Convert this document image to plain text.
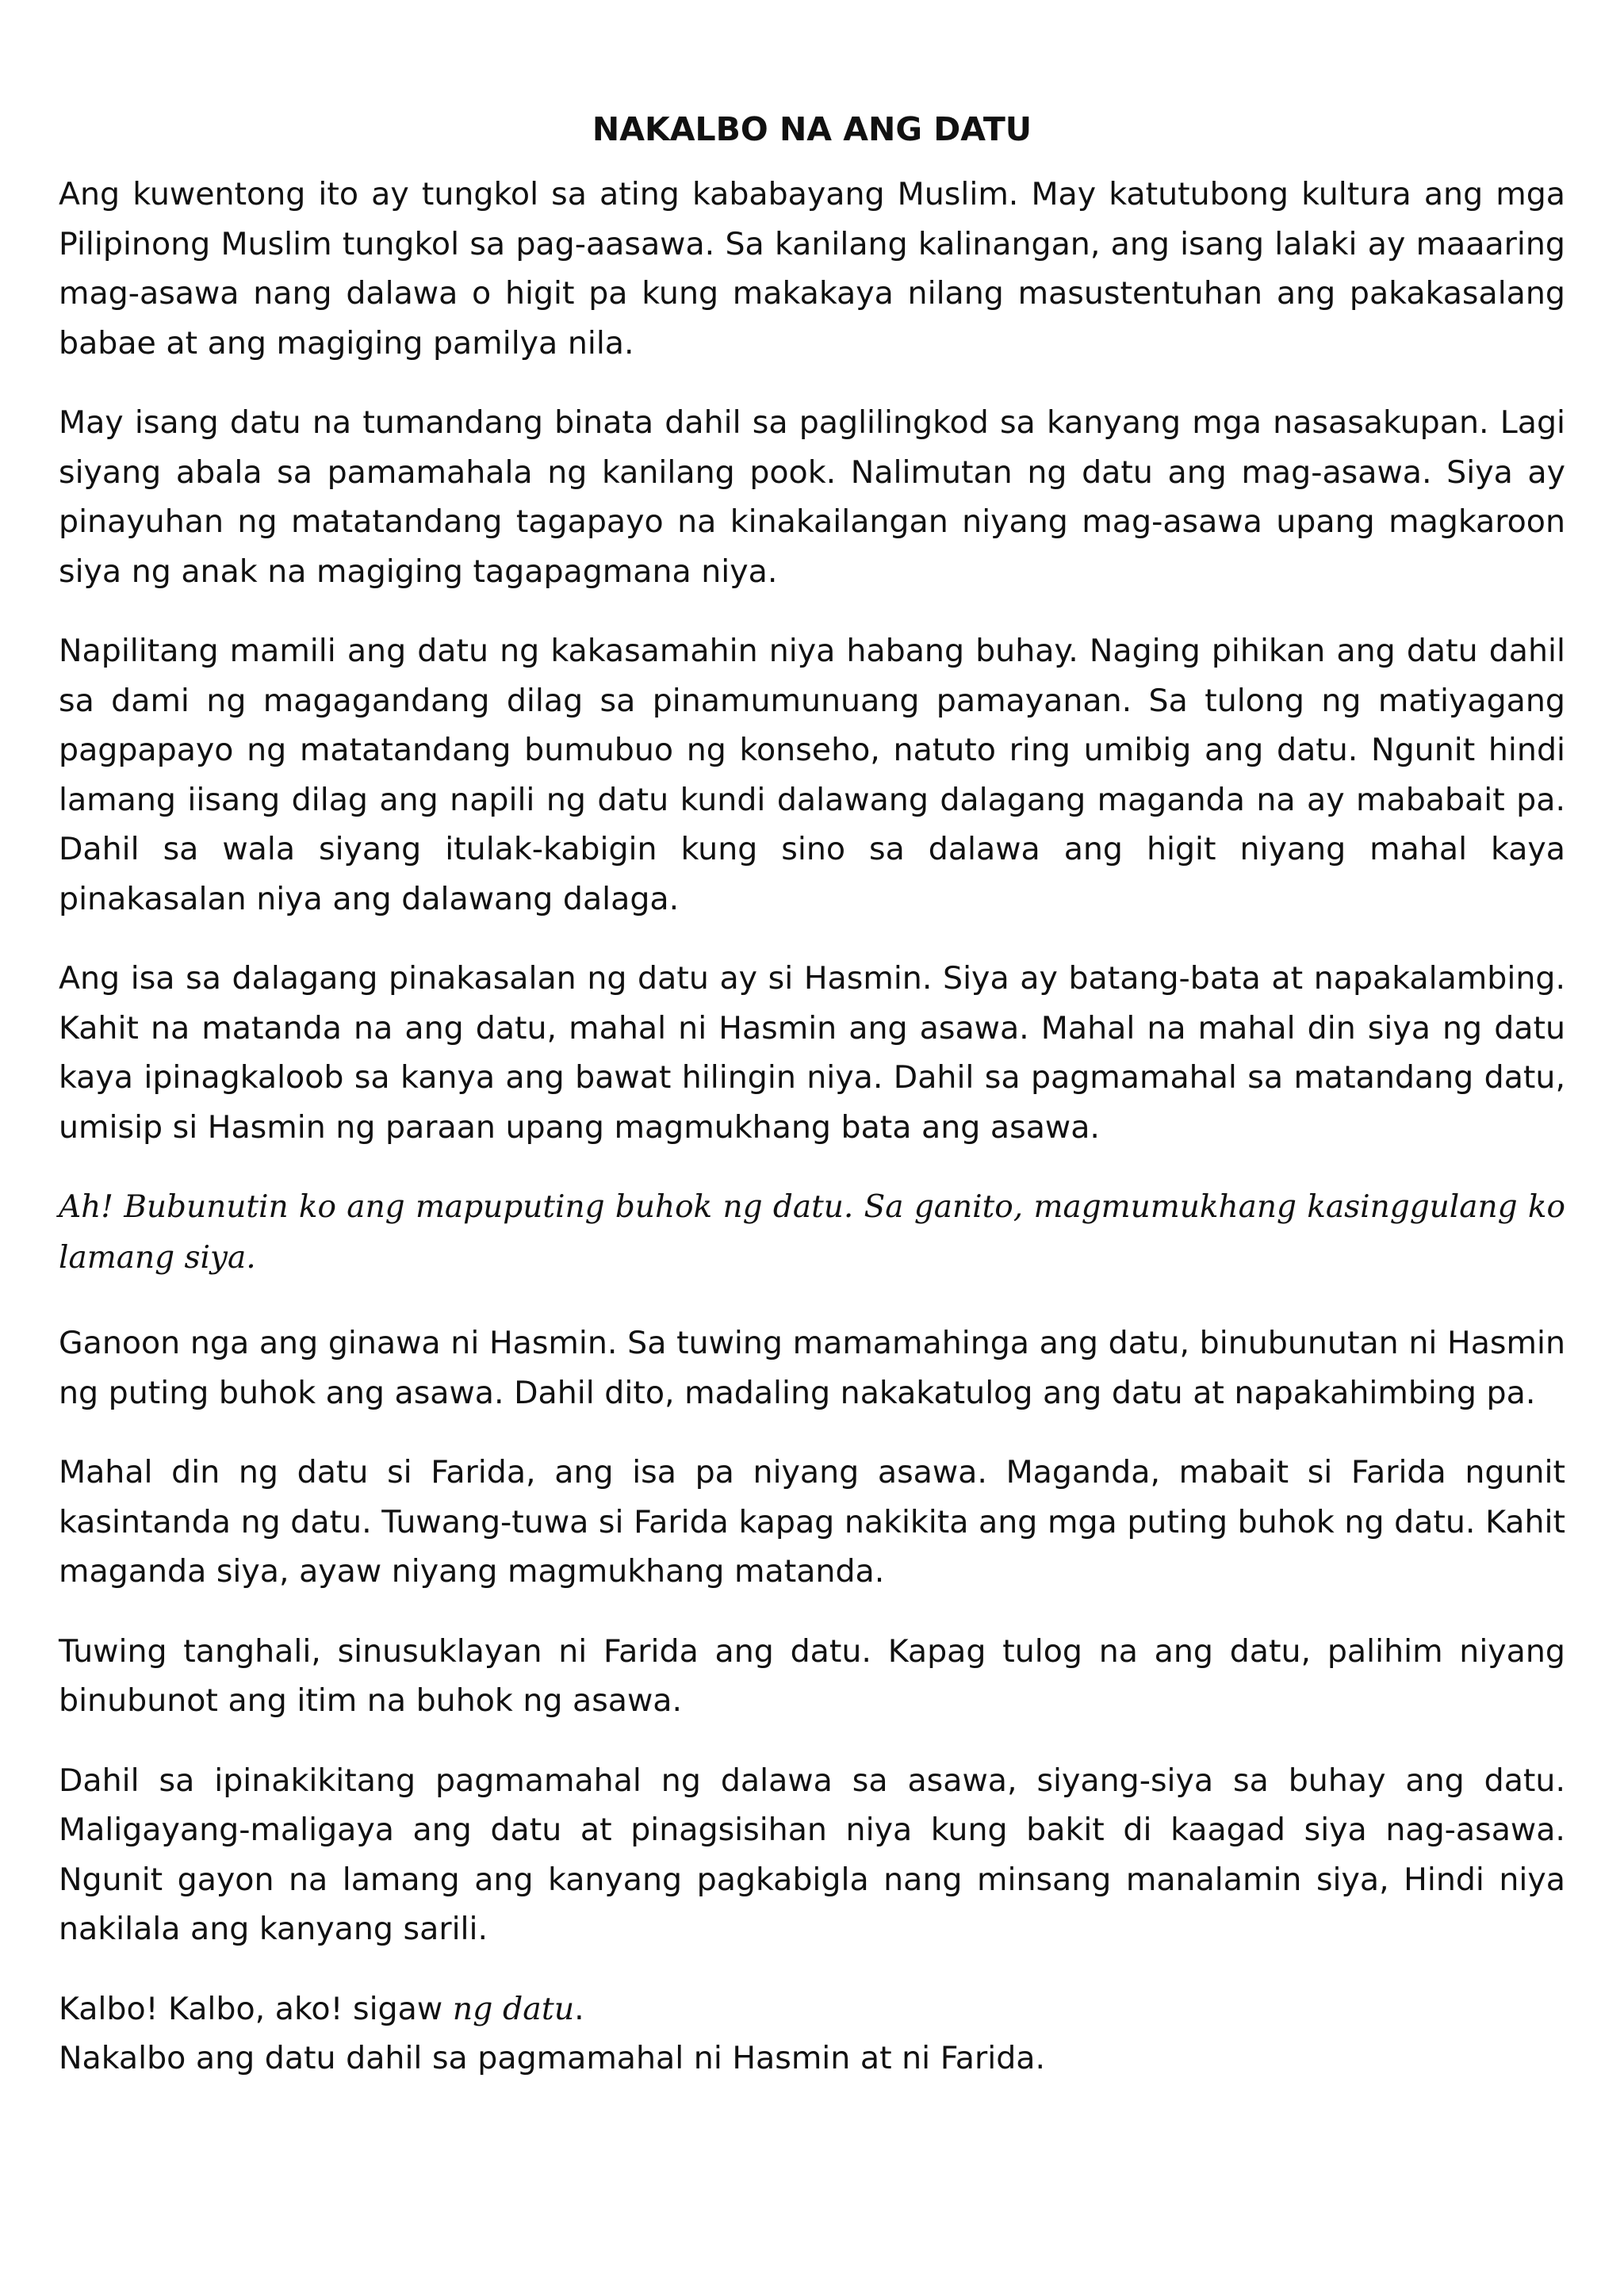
NAKALBO NA ANG DATU

Ang kuwentong ito ay tungkol sa ating kababayang Muslim. May katutubong kultura ang mga Pilipinong Muslim tungkol sa pag-aasawa. Sa kanilang kalinangan, ang isang lalaki ay maaaring mag-asawa nang dalawa o higit pa kung makakaya nilang masustentuhan ang pakakasalang babae at ang magiging pamilya nila.

May isang datu na tumandang binata dahil sa paglilingkod sa kanyang mga nasasakupan. Lagi siyang abala sa pamamahala ng kanilang pook. Nalimutan ng datu ang mag-asawa. Siya ay pinayuhan ng matatandang tagapayo na kinakailangan niyang mag-asawa upang magkaroon siya ng anak na magiging tagapagmana niya.

Napilitang mamili ang datu ng kakasamahin niya habang buhay. Naging pihikan ang datu dahil sa dami ng magagandang dilag sa pinamumunuang pamayanan. Sa tulong ng matiyagang pagpapayo ng matatandang bumubuo ng konseho, natuto ring umibig ang datu. Ngunit hindi lamang iisang dilag ang napili ng datu kundi dalawang dalagang maganda na ay mababait pa. Dahil sa wala siyang itulak-kabigin kung sino sa dalawa ang higit niyang mahal kaya pinakasalan niya ang dalawang dalaga.

Ang isa sa dalagang pinakasalan ng datu ay si Hasmin. Siya ay batang-bata at napakalambing. Kahit na matanda na ang datu, mahal ni Hasmin ang asawa. Mahal na mahal din siya ng datu kaya ipinagkaloob sa kanya ang bawat hilingin niya. Dahil sa pagmamahal sa matandang datu, umisip si Hasmin ng paraan upang magmukhang bata ang asawa.

Ah! Bubunutin ko ang mapuputing buhok ng datu. Sa ganito, magmumukhang kasinggulang ko lamang siya.

Ganoon nga ang ginawa ni Hasmin. Sa tuwing mamamahinga ang datu, binubunutan ni Hasmin ng puting buhok ang asawa. Dahil dito, madaling nakakatulog ang datu at napakahimbing pa.

Mahal din ng datu si Farida, ang isa pa niyang asawa. Maganda, mabait si Farida ngunit kasintanda ng datu. Tuwang-tuwa si Farida kapag nakikita ang mga puting buhok ng datu. Kahit maganda siya, ayaw niyang magmukhang matanda.

Tuwing tanghali, sinusuklayan ni Farida ang datu. Kapag tulog na ang datu, palihim niyang binubunot ang itim na buhok ng asawa.

Dahil sa ipinakikitang pagmamahal ng dalawa sa asawa, siyang-siya sa buhay ang datu. Maligayang-maligaya ang datu at pinagsisihan niya kung bakit di kaagad siya nag-asawa. Ngunit gayon na lamang ang kanyang pagkabigla nang minsang manalamin siya, Hindi niya nakilala ang kanyang sarili.

Kalbo! Kalbo, ako! sigaw ng datu.
Nakalbo ang datu dahil sa pagmamahal ni Hasmin at ni Farida.
